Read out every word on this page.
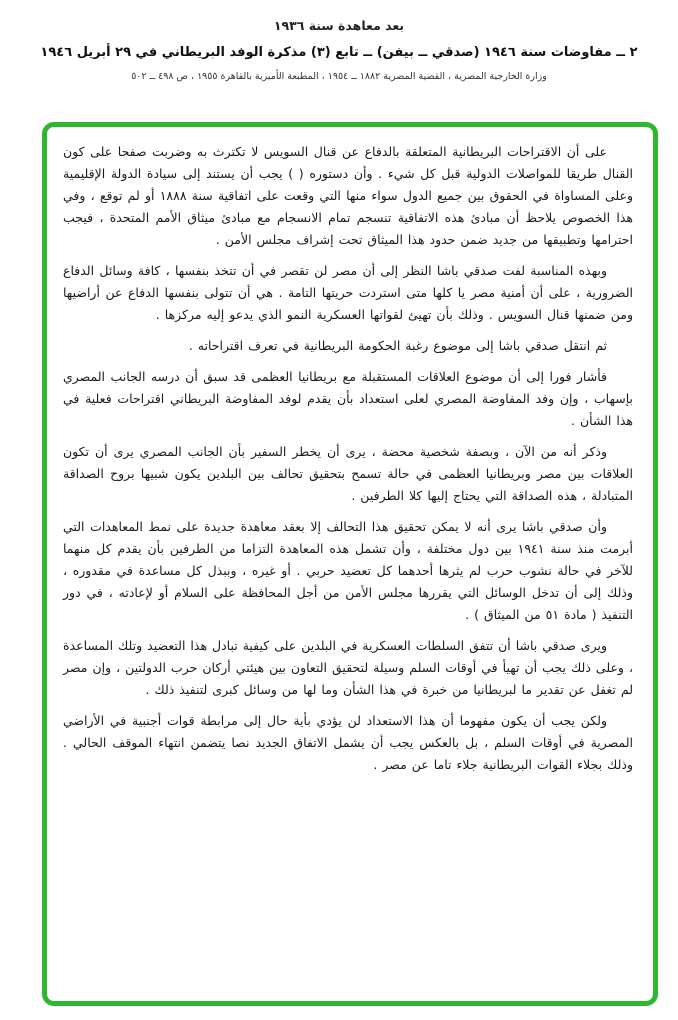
بعد معاهدة سنة ١٩٣٦
٢ ــ مفاوضات سنة ١٩٤٦ (صدقي ــ بيفن) ــ تابع (٣) مذكرة الوفد البريطاني في ٢٩ أبريل ١٩٤٦
وزارة الخارجية المصرية ، القضية المصرية ١٨٨٢ ــ ١٩٥٤ ، المطبعة الأميرية بالقاهرة ١٩٥٥ ، ص ٤٩٨ ــ ٥٠٢

على أن الاقتراحات البريطانية المتعلقة بالدفاع عن قنال السويس لا تكترث به وضربت صفحا على كون القنال طريقا للمواصلات الدولية قبل كل شيء . وأن دستوره ( ) يجب أن يستند إلى سيادة الدولة الإقليمية وعلى المساواة في الحقوق بين جميع الدول سواء منها التي وقعت على اتفاقية سنة ١٨٨٨ أو لم توقع ، وفي هذا الخصوص يلاحظ أن مبادئ هذه الاتفاقية تنسجم تمام الانسجام مع مبادئ ميثاق الأمم المتحدة ، فيجب احترامها وتطبيقها من جديد ضمن حدود هذا الميثاق تحت إشراف مجلس الأمن .

وبهذه المناسبة لفت صدقي باشا النظر إلى أن مصر لن تقصر في أن تتخذ بنفسها ، كافة وسائل الدفاع الضرورية ، على أن أمنية مصر يا كلها متى استردت حريتها التامة . هي أن تتولى بنفسها الدفاع عن أراضيها ومن ضمنها قنال السويس . وذلك بأن تهيئ لقواتها العسكرية النمو الذي يدعو إليه مركزها .

ثم انتقل صدقي باشا إلى موضوع رغبة الحكومة البريطانية في تعرف اقتراحاته .

فأشار فورا إلى أن موضوع العلاقات المستقبلة مع بريطانيا العظمى قد سبق أن درسه الجانب المصري بإسهاب ، وإن وفد المفاوضة المصري لعلى استعداد بأن يقدم لوفد المفاوضة البريطاني اقتراحات فعلية في هذا الشأن .

وذكر أنه من الآن ، وبصفة شخصية محضة ، يرى أن يخطر السفير بأن الجانب المصري يرى أن تكون العلاقات بين مصر وبريطانيا العظمى في حالة تسمح بتحقيق تحالف بين البلدين يكون شبيها بروح الصداقة المتبادلة ، هذه الصداقة التي يحتاج إليها كلا الطرفين .

وأن صدقي باشا يرى أنه لا يمكن تحقيق هذا التحالف إلا بعقد معاهدة جديدة على نمط المعاهدات التي أبرمت منذ سنة ١٩٤١ بين دول مختلفة ، وأن تشمل هذه المعاهدة التزاما من الطرفين بأن يقدم كل منهما للآخر في حالة نشوب حرب لم يثرها أحدهما كل تعضيد حربي . أو غيره ، وببذل كل مساعدة في مقدوره ، وذلك إلى أن تدخل الوسائل التي يقررها مجلس الأمن من أجل المحافظة على السلام أو لإعادته ، في دور التنفيذ ( مادة ٥١ من الميثاق ) .

ويرى صدقي باشا أن تتفق السلطات العسكرية في البلدين على كيفية تبادل هذا التعضيد وتلك المساعدة ، وعلى ذلك يجب أن تهيأ في أوقات السلم وسيلة لتحقيق التعاون بين هيئتي أركان حرب الدولتين ، وإن مصر لم تغفل عن تقدير ما لبريطانيا من خبرة في هذا الشأن وما لها من وسائل كبرى لتنفيذ ذلك .

ولكن يجب أن يكون مفهوما أن هذا الاستعداد لن يؤدي بأية حال إلى مرابطة قوات أجنبية في الأراضي المصرية في أوقات السلم ، بل بالعكس يجب أن يشمل الاتفاق الجديد نصا يتضمن انتهاء الموقف الحالي . وذلك بجلاء القوات البريطانية جلاء تاما عن مصر .
